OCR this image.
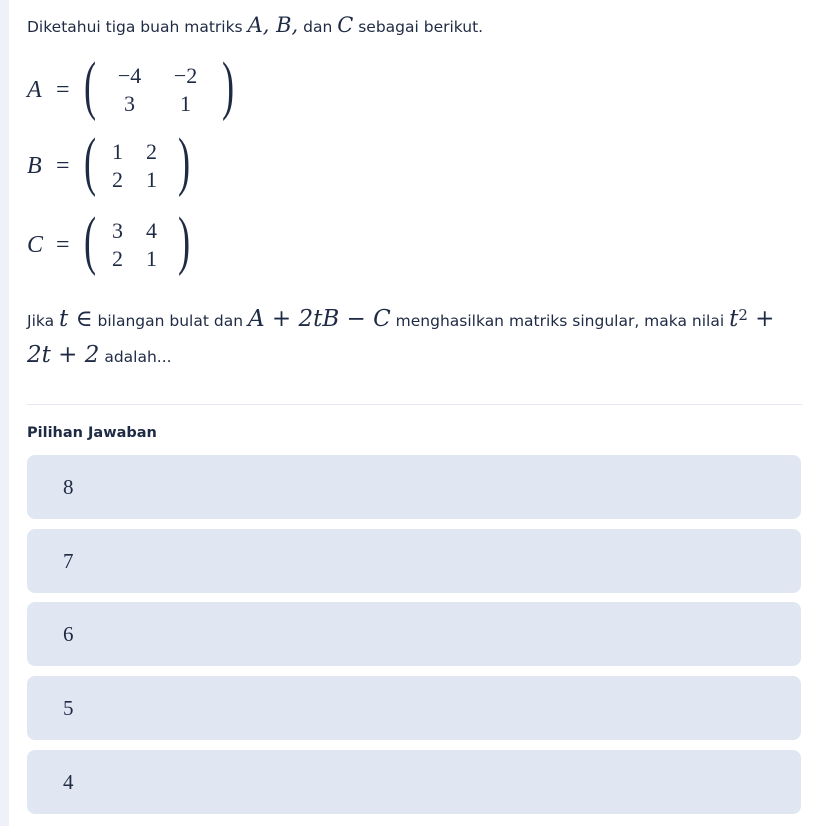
Diketahui tiga buah matriks A, B, dan C sebagai berikut.
A = (	−4	−2
3	1 )
B = ( 1	2
2	1 )
C = ( 3	4
2	1 )
Jika t ∈ bilangan bulat dan A + 2tB − C menghasilkan matriks singular, maka nilai $t^2$ +
2t + 2 adalah...
Pilihan Jawaban
8
7
6
5
4
